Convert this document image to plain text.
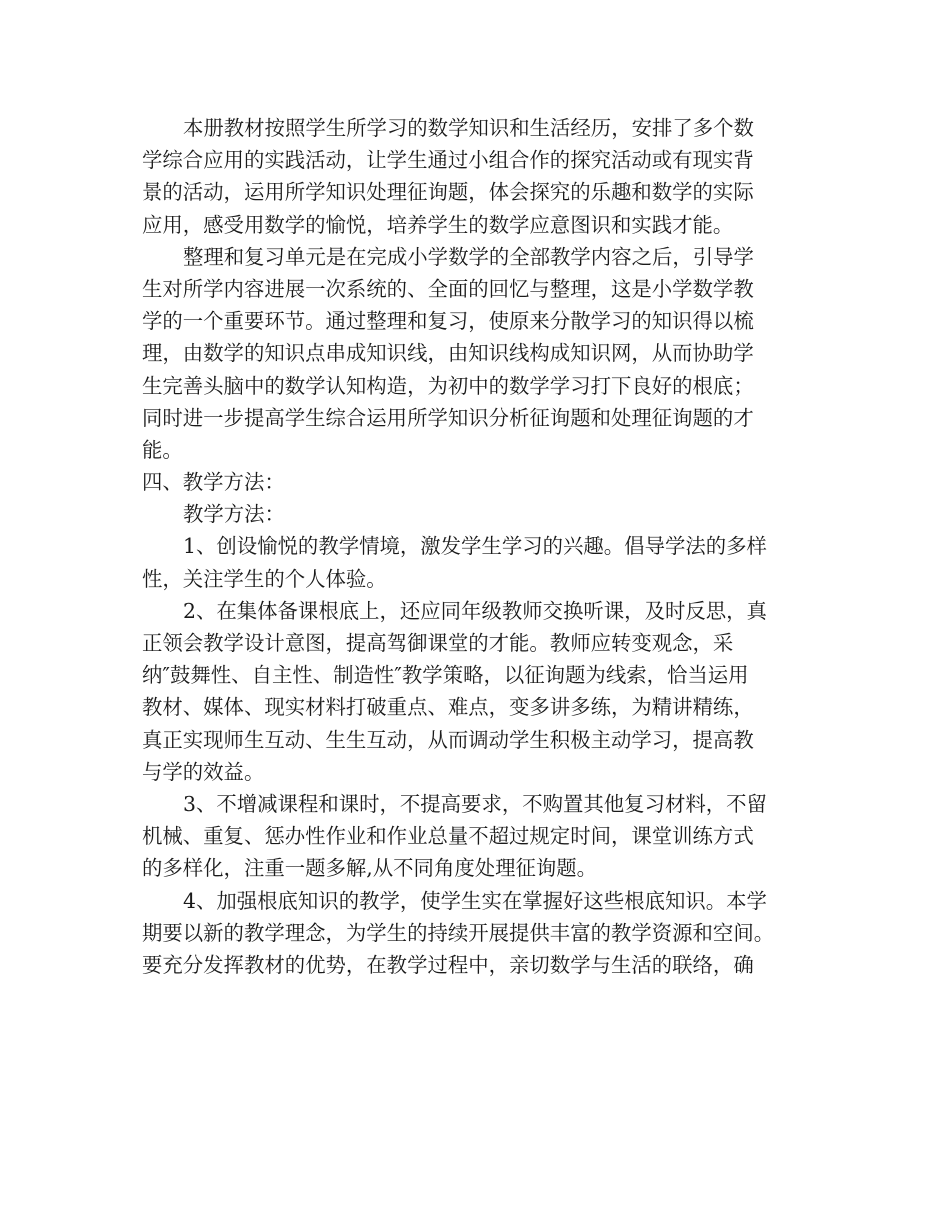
本册教材按照学生所学习的数学知识和生活经历，安排了多个数
学综合应用的实践活动，让学生通过小组合作的探究活动或有现实背
景的活动，运用所学知识处理征询题，体会探究的乐趣和数学的实际
应用，感受用数学的愉悦，培养学生的数学应意图识和实践才能。
整理和复习单元是在完成小学数学的全部教学内容之后，引导学
生对所学内容进展一次系统的、全面的回忆与整理，这是小学数学教
学的一个重要环节。通过整理和复习，使原来分散学习的知识得以梳
理，由数学的知识点串成知识线，由知识线构成知识网，从而协助学
生完善头脑中的数学认知构造，为初中的数学学习打下良好的根底；
同时进一步提高学生综合运用所学知识分析征询题和处理征询题的才
能。
四、教学方法：
教学方法：
1、创设愉悦的教学情境，激发学生学习的兴趣。倡导学法的多样
性，关注学生的个人体验。
2、在集体备课根底上，还应同年级教师交换听课，及时反思，真
正领会教学设计意图，提高驾御课堂的才能。教师应转变观念，采
纳″鼓舞性、自主性、制造性″教学策略，以征询题为线索，恰当运用
教材、媒体、现实材料打破重点、难点，变多讲多练，为精讲精练，
真正实现师生互动、生生互动，从而调动学生积极主动学习，提高教
与学的效益。
3、不增减课程和课时，不提高要求，不购置其他复习材料，不留
机械、重复、惩办性作业和作业总量不超过规定时间，课堂训练方式
的多样化，注重一题多解,从不同角度处理征询题。
4、加强根底知识的教学，使学生实在掌握好这些根底知识。本学
期要以新的教学理念，为学生的持续开展提供丰富的教学资源和空间。
要充分发挥教材的优势，在教学过程中，亲切数学与生活的联络，确
